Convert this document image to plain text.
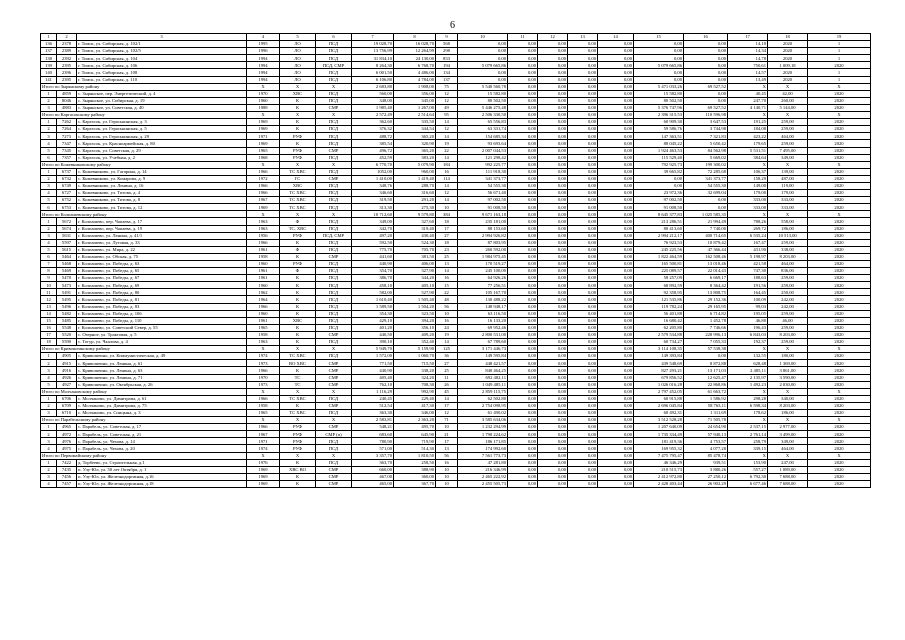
6
1	2	3	4	5	6	7	8	9	10	11	12	13	14	15	16	17	18	19
136	2378	г. Томск, ул. Сибирская, д. 102/1	1995	ЛО	ПСД	19 028,70	16 028,70	568	0,00	0,00	0,00	0,00	0,00	0,00	0,00	14,10	2020	1
137	2389	г. Томск, ул. Сибирская, д. 102/5	1996	ЛО	ПСД	13 756,99	12 264,99	298	0,00	0,00	0,00	0,00	0,00	0,00	0,00	14,34	2020	1
138	2392	г. Томск, ул. Сибирская, д. 104	1994	ЛО	ПСД	31 834,10	24 130,00	853	0,00	0,00	0,00	0,00	0,00	0,00	0,00	14,78	2020	1
139	2395	г. Томск, ул. Сибирская, д. 106	1994	ЛО	ПСД, СМР	8 264,30	6 768,70	194	5 079 665,86	0,00	0,00	0,00	0,00	5 079 665,86	0,00	750,61	1 009,18	2020
140	2396	г. Томск, ул. Сибирская, д. 108	1994	ЛО	ПСД	6 001,50	4 486,00	134	0,00	0,00	0,00	0,00	0,00	0,00	0,00	14,57	2020	1
141	2395	г. Томск, ул. Сибирская, д. 110	1994	ЛО	ПСД	6 106,80	4 784,00	137	0,00	0,00	0,00	0,00	0,00	0,00	0,00	13,49	2020	1
Итого по Зырянскому району			X	X	X	2 683,80	1 908,00	75	5 540 560,78	0,00	0,00	0,00	0,00	5 471 033,26	69 527,52	X	X	X
1	4859	с. Зырянское, пер. Энергетический, д. 4	1970	ХВС	ПСД	560,00	356,00	12	15 582,80	0,00	0,00	0,00	0,00	15 582,80	0,00	40,45	42,00	2020
2	8046	с. Зырянское, ул. Сибирская, д. 19	1960	К	ПСД	348,00	345,00	12	80 502,50	0,00	0,00	0,00	0,00	80 502,50	0,00	247,70	260,00	2020
3	4883	с. Зырянское, ул. Советская, д. 40	1988	К	СМР	1 985,40	1 267,00	49	5 446 275,48	0,00	0,00	0,00	0,00	5 376 747,96	69 527,52	4 140,71	5 144,00	2020
Итого по Каргасокскому району			X	X	X	2 572,49	2 514,64	95	2 506 330,50	0,00	0,00	0,00	0,00	2 396 315,53	110 596,98	X	X	X
1	7262	с. Каргасок, ул. Гераськинская, д. 3	1969	К	ПСД	362,60	335,50	14	65 556,83	0,00	0,00	0,00	0,00	60 909,30	3 647,53	191,25	259,00	2020
2	7264	с. Каргасок, ул. Гераськинская, д. 5	1969	К	ПСД	376,32	344,54	12	63 331,74	0,00	0,00	0,00	0,00	59 586,76	3 744,98	184,08	259,00	2020
3	7273	с. Каргасок, ул. Гераськинская, д. 29	1971	РУФ	ПСД	488,72	365,20	14	154 685,34	0,00	0,00	0,00	0,00	147 363,51	7 321,83	423,22	464,00	2020
4	7347	с. Каргасок, ул. Красноармейская, д. 80	1969	К	ПСД	385,54	320,90	19	93 693,64	0,00	0,00	0,00	0,00	88 045,22	5 650,42	179,65	259,00	2020
5	7345	с. Каргасок, ул. Советская, д. 29	1965	РУФ	СМР	496,72	365,20	22	2 007 044,53	0,00	0,00	0,00	0,00	1 924 463,53	84 562,98	5 531,51	7 495,00	2020
6	7357	с. Каргасок, ул. Учебная, д. 2	1968	РУФ	ПСД	452,59	383,20	14	121 298,42	0,00	0,00	0,00	0,00	115 529,40	5 669,02	384,64	349,00	2020
Итого по Кожевниковскому району			X	X	X	6 770,70	5 079,90	184	992 225,77	0,00	0,00	0,00	0,00	792 925,73	199 300,02	X	X	X
1	6737	с. Кожевниково, ул. Гагарина, д. 14	1966	ТС ХВС	ПСД	1052,00	960,00	16	111 918,30	0,00	0,00	0,00	0,00	39 665,82	72 285,68	106,37	139,00	2020
2	6732	с. Кожевниково, ул. Комарова, д. 9	1972	ГС	СМР	1 410,00	1 419,40	114	341 373,77	0,00	0,00	0,00	0,00	0,00	341 373,77	158,29	487,00	2020
3	6749	с. Кожевниково, ул. Ленина, д. 16	1966	ХВС	ПСД	348,76	288,70	14	54 555,30	0,00	0,00	0,00	0,00	0,00	54 555,30	149,00	119,00	2020
4	6727	с. Кожевниково, ул. Титова, д. 4	1966	ТС ХВС	ПСД	346,60	316,60	12	56 671,40	0,00	0,00	0,00	0,00	23 972,36	32 699,04	179,00	179,00	2020
5	6752	с. Кожевниково, ул. Титова, д. 8	1967	ТС ХВС	ПСД	319,50	291,20	14	97 002,50	0,00	0,00	0,00	0,00	97 002,50	0,00	333,00	333,00	2020
6	6753	с. Кожевниково, ул. Титова, д. 12	1969	ТС ХВС	ПСД	313,30	275,30	10	91 008,50	0,00	0,00	0,00	0,00	91 008,50	0,00	333,00	333,00	2020
Итого по Колпашевскому району			X	X	X	10 712,60	9 579,80	384	9 671 163,18	0,00	0,00	0,00	0,00	8 645 377,83	1 025 585,35	X	X	X
1	5672	г. Колпашево, пер. Чапаева, д. 17	1963	Ф	ПСД	349,00	327,60	18	235 181,00	0,00	0,00	0,00	0,00	213 286,51	21 994,49	788,26	558,00	2020
2	5674	г. Колпашево, пер. Чапаева, д. 19	1963	ТС, ХВС	ПСД	342,70	319,40	17	88 153,60	0,00	0,00	0,00	0,00	80 413,60	7 740,00	269,72	186,00	2020
3	5631	г. Колпашево, ул. Ленина, д. 41/1	1956	РУФ	ПСД, СМР	497,20	430,40	27	2 994 926,82	0,00	0,00	0,00	0,00	2 994 212,17	400 714,65	6 535,24	10 513,00	2020
4	5597	г. Колпашево, ул. Луговая, д. 33	1966	К	ПСД	592,50	524,30	18	87 803,95	0,00	0,00	0,00	0,00	76 923,53	10 879,42	167,47	259,00	2020
5	5615	г. Колпашево, ул. Мира, д. 22	1961	Ф	ПСД	775,70	705,70	23	260 592,00	0,00	0,00	0,00	0,00	245 225,56	47 366,44	431,90	338,00	2020
6	5464	г. Колпашево, ул. Обская, д. 75	1958	К	СМР	441,60	381,50	25	1 984 975,45	0,00	0,00	0,00	0,00	1 822 464,59	162 508,46	5 198,97	8 203,00	2020
7	5468	г. Колпашево, ул. Победы, д. 63	1960	РУФ	ПСД	440,90	406,00	13	170 519,27	0,00	0,00	0,00	0,00	165 500,81	13 018,46	421,58	464,00	2020
8	5469	г. Колпашево, ул. Победы, д. 65	1961	Ф	ПСД	354,70	327,90	14	245 100,00	0,00	0,00	0,00	0,00	225 089,57	22 014,43	747,30	836,00	2020
9	5470	г. Колпашево, ул. Победы, д. 67	1961	К	ПСД	386,70	344,20	16	64 926,26	0,00	0,00	0,00	0,00	58 257,09	6 669,17	188,63	259,00	2020
10	5473	г. Колпашево, ул. Победы, д. 69	1960	К	ПСД	458,10	405,10	15	77 256,51	0,00	0,00	0,00	0,00	68 892,59	8 364,42	191,56	259,00	2020
11	5491	г. Колпашево, ул. Победы, д. 80	1962	К	ПСД	582,00	527,90	22	105 167,70	0,00	0,00	0,00	0,00	92 358,95	13 808,75	164,45	250,00	2020
12	5495	г. Колпашево, ул. Победы, д. 81	1964	К	ПСД	1 610,40	1 505,40	48	130 488,22	0,00	0,00	0,00	0,00	121 535,86	29 152,36	100,09	242,00	2020
13	5496	г. Колпашево, ул. Победы, д. 83	1966	К	ПСД	1 589,50	1 504,20	56	148 948,17	0,00	0,00	0,00	0,00	119 782,24	29 165,95	99,03	242,00	2020
14	5482	г. Колпашево, ул. Победы, д. 106	1960	К	ПСД	354,30	323,50	10	63 116,50	0,00	0,00	0,00	0,00	56 401,88	6 714,82	195,05	259,00	2020
15	5485	г. Колпашево, ул. Победы, д. 110	1961	ХВС	ПСД	429,10	394,20	16	16 133,20	0,00	0,00	0,00	0,00	16 680,42	1 452,78	46,80	46,00	2020
16	5548	г. Колпашево, ул. Советский Север, д. 55	1965	К	ПСД	401,20	356,10	24	69 952,46	0,00	0,00	0,00	0,00	62 205,80	7 746,66	196,43	259,00	2020
17	5520	с. Озерное, ул. Трактовая, д. 5	1958	К	СМР	440,50	409,20	19	2 800 531,00	0,00	0,00	0,00	0,00	2 579 534,88	228 996,13	6 843,03	8 203,00	2020
18	5590	с. Тогур, ул. Чкалова, д. 4	1963	К	ПСД	390,10	352,40	14	67 789,60	0,00	0,00	0,00	0,00	60 734,27	7 055,33	192,37	259,00	2020
Итого по Кривошеинскому району			X	X	X	5 949,70	5 159,90	125	3 171 446,73	0,00	0,00	0,00	0,00	3 114 108,35	57 538,38	X	X	X
1	4905	с. Кривошеино, ул. Коммунистическая, д. 49	1974	ТС ХВС	ПСД	1 572,00	1 060,70	36	149 595,84	0,00	0,00	0,00	0,00	149 393,84	0,00	132,55	180,00	2020
2	4915	с. Кривошеино, ул. Ленина, д. 61	1973	ВО ХВС	СМР	771,50	715,50	27	448 421,57	0,00	0,00	0,00	0,00	439 548,69	8 872,88	628,48	1 369,00	2020
3	4916	с. Кривошеино, ул. Ленина, д. 63	1966	К	СМР	440,90	338,20	25	840 464,25	0,00	0,00	0,00	0,00	827 293,21	13 171,03	2 485,11	3 861,00	2020
4	4926	с. Кривошеино, ул. Ленина, д. 71	1970	ТС	СМР	405,40	324,20	11	692 482,11	0,00	0,00	0,00	0,00	679 856,52	12 625,47	2 135,97	3 590,00	2020
5	4927	с. Кривошеино, ул. Октябрьская, д. 26	1973	ТС	СМР	762,10	708,30	26	1 049 485,11	0,00	0,00	0,00	0,00	1 026 016,28	22 868,86	1 492,23	2 030,00	2020
Итого по Молчановскому району			X	X	X	1 116,29	992,90	45	2 859 115,75	0,00	0,00	0,00	0,00	2 797 452,05	61 663,72	X	X	X
1	6706	с. Молчаново, ул. Димитрова, д. 61	1966	ТС ХВС	ПСД	240,45	229,40	14	62 502,80	0,00	0,00	0,00	0,00	60 915,88	1 586,92	298,28	340,00	2020
2	6709	с. Молчаново, ул. Димитрова, д. 75	1958	К	СМР	512,54	417,30	17	2 754 098,95	0,00	0,00	0,00	0,00	2 696 045,84	58 763,11	6 598,34	8 203,00	2020
3	6710	с. Молчаново, ул. Спицына, д. 3	1965	ТС ХВС	ПСД	363,30	346,00	12	61 490,02	0,00	0,00	0,00	0,00	60 492,31	1 311,69	178,62	186,00	2020
Итого по Парабельскому району			X	X	X	2 583,81	2 363,20	71	3 585 634,06	0,00	0,00	0,00	0,00	3 512 528,28	71 505,78	X	X	X
1	4965	с. Парабель, ул. Советская, д. 17	1966	РУФ	СМР	548,21	495,70	10	1 232 294,99	0,00	0,00	0,00	0,00	1 207 640,09	24 654,90	2 537,15	2 977,00	2020
2	4972	с. Парабель, ул. Советская, д. 21	1967	РУФ	СМР (п)	683,60	645,90	21	1 790 224,62	0,00	0,00	0,00	0,00	1 735 334,49	57 940,13	2 761,14	3 499,00	2020
3	4976	с. Парабель, ул. Чехова, д. 14	1971	РУФ	ПСД	780,90	719,90	17	186 171,85	0,00	0,00	0,00	0,00	181 419,36	4 753,57	258,79	349,00	2020
4	4975	с. Парабель, ул. Чехова, д. 20	1974	РУФ	ПСД	571,00	514,30	13	174 992,60	0,00	0,00	0,00	0,00	169 955,32	4 077,28	339,15	464,00	2020
Итого по Первомайскому району			X	X	X	3 357,70	1 810,50	56	7 561 773,73	0,00	0,00	0,00	0,00	7 475 795,47	85 478,74	X	X	X
1	7422	д. Торбеево, ул. Строительная, д.1	1976	К	ПСД	363,70	258,50	16	47 281,80	0,00	0,00	0,00	0,00	46 346,29	939,51	153,90	247,00	2020
2	7435	п. Улу-Юл, ул. 50 лет Октября, д. 1	1969	ХВС ВО	СМР	660,00	388,90	10	216 346,99	0,00	0,00	0,00	0,00	210 515,73	3 880,26	557,27	1 089,00	2020
3	7456	п. Улу-Юл, ул. Железнодорожная, д.16	1969	К	СМР	467,00	360,00	10	2 465 222,92	0,00	0,00	0,00	0,00	2 412 972,80	27 250,12	6 792,30	7 688,00	2020
4	7457	п. Улу-Юл, ул. Железнодорожная, д.18	1969	К	СМР	465,00	367,70	10	2 455 505,73	0,00	0,00	0,00	0,00	2 428 403,44	26 902,29	6 677,46	7 688,00	2020
